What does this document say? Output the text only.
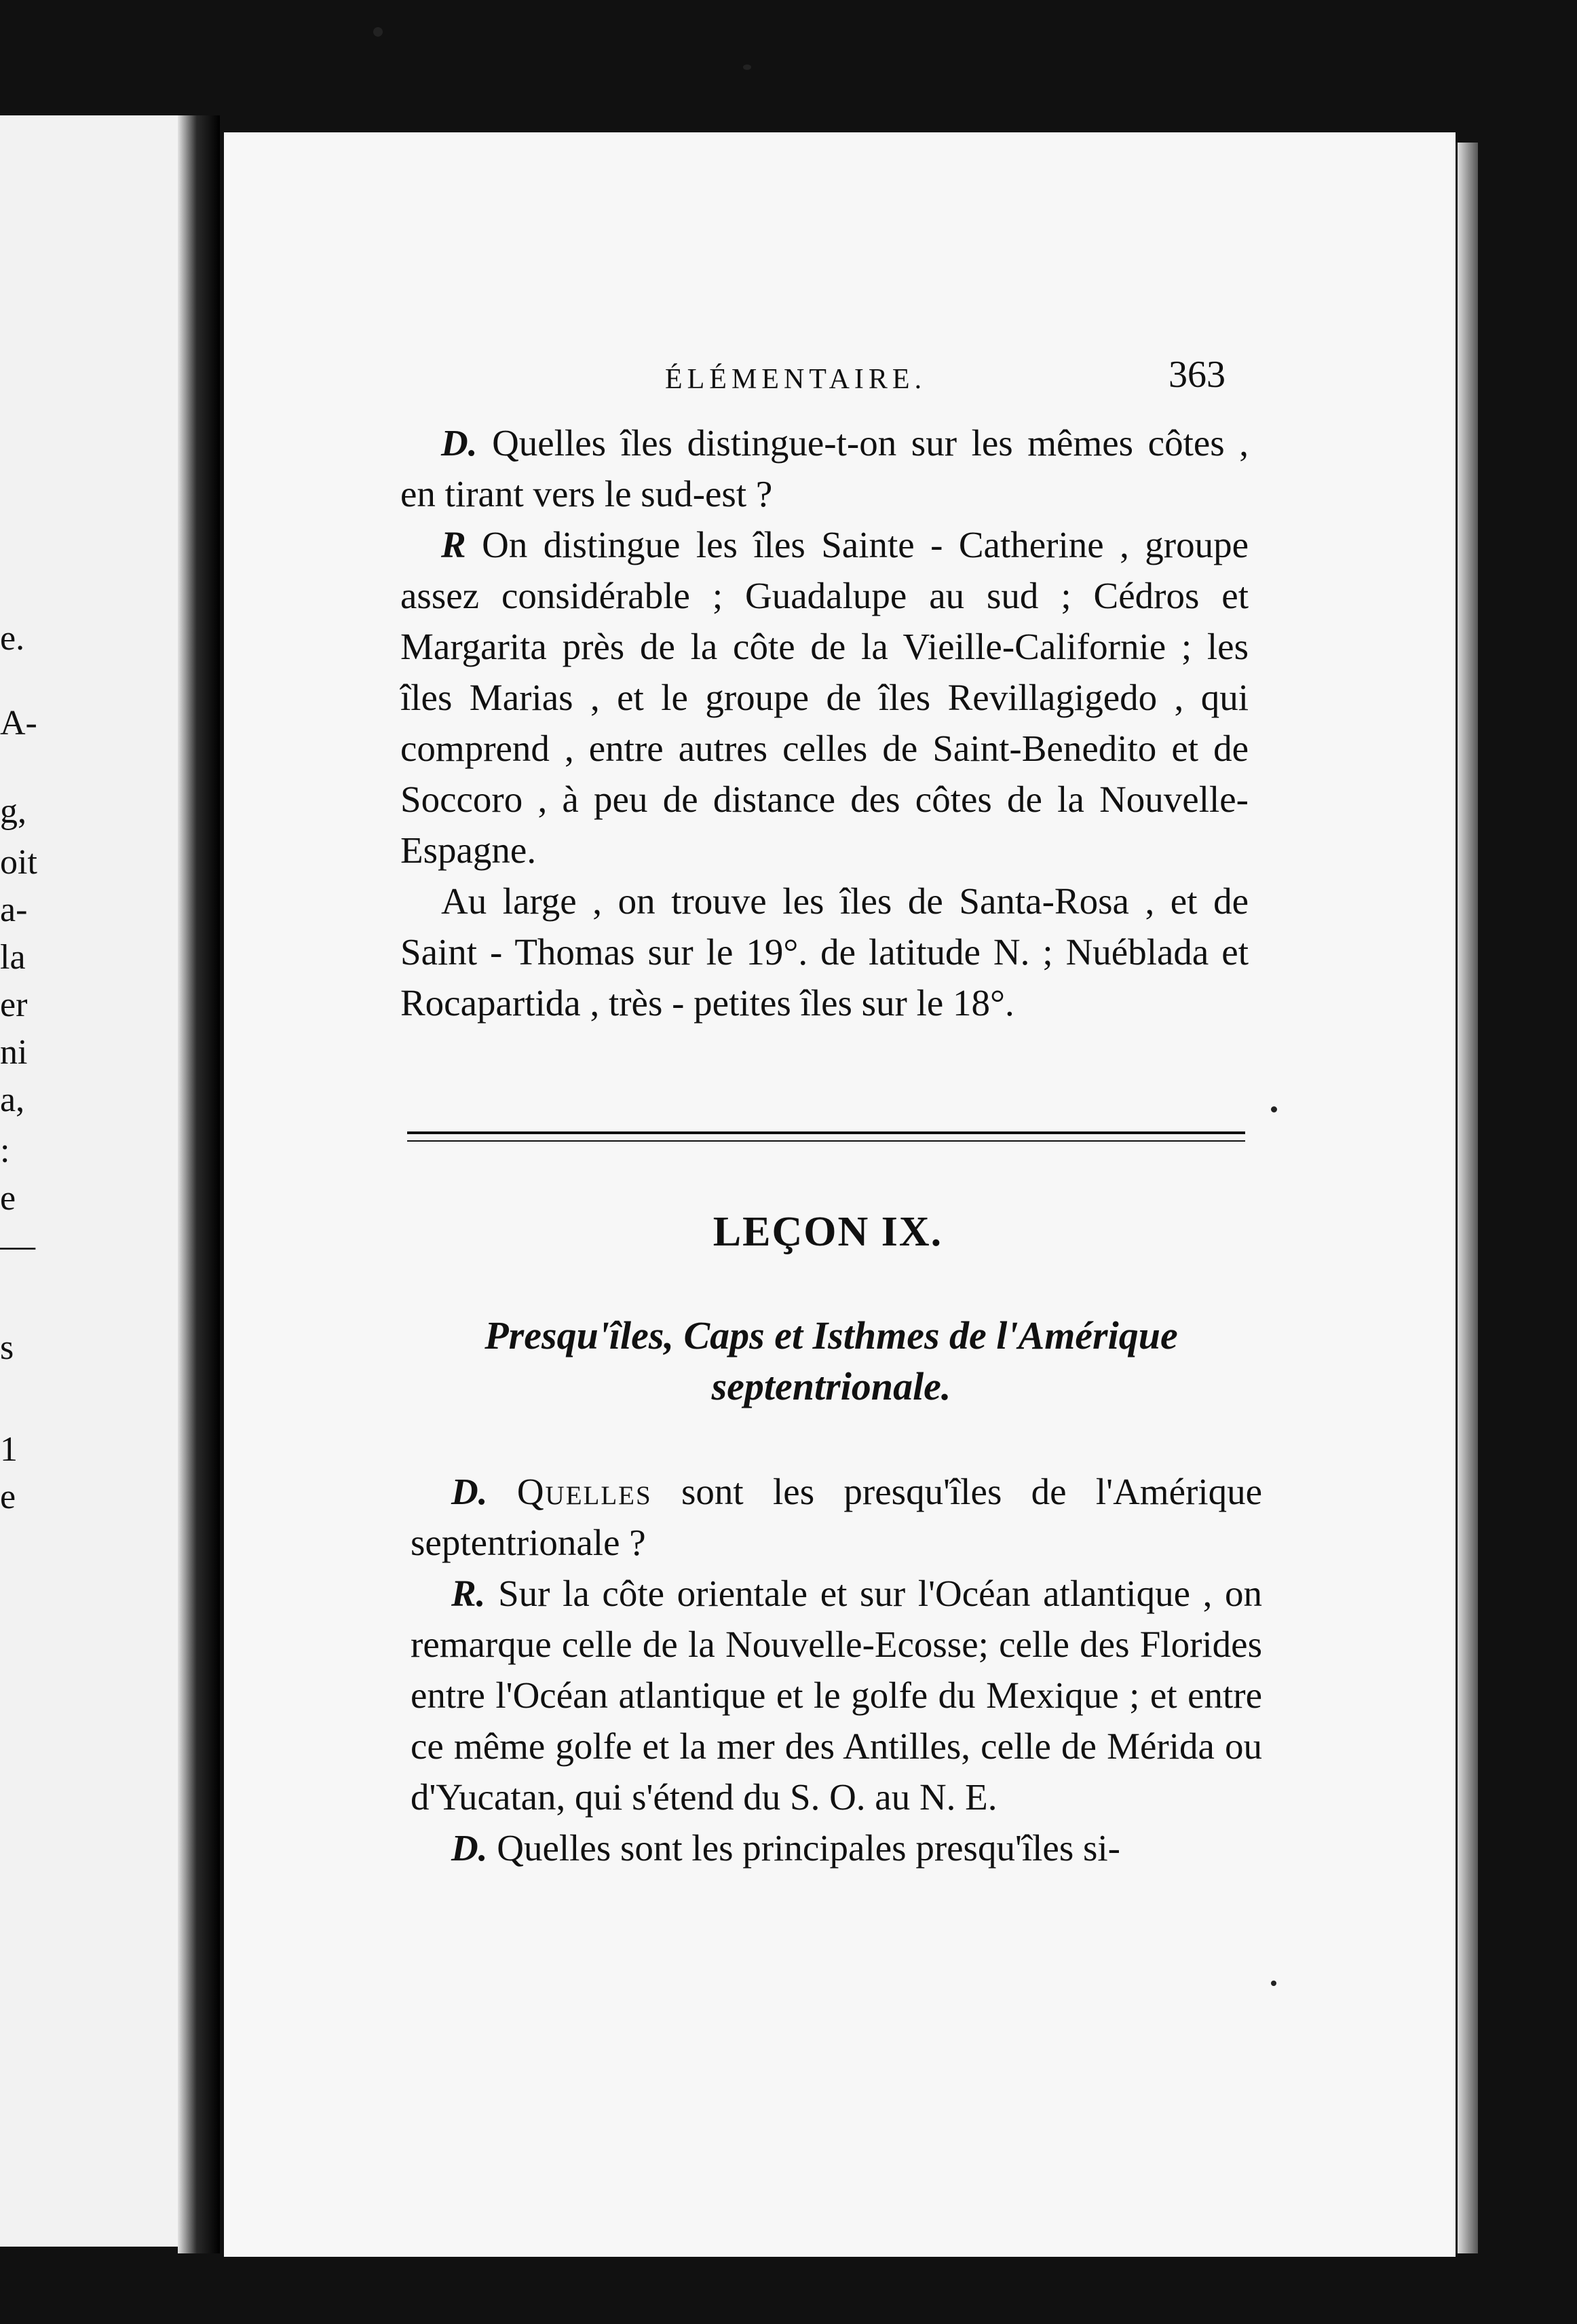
e.
A-
g,
oit
a-
la
er
ni
a,
:
e
—
s
1
e
ÉLÉMENTAIRE.	363

D. Quelles îles distingue-t-on sur les mêmes côtes , en tirant vers le sud-est ?

R On distingue les îles Sainte - Catherine , groupe assez considérable ; Guadalupe au sud ; Cédros et Margarita près de la côte de la Vieille-Californie ; les îles Marias , et le groupe de îles Revillagigedo , qui comprend , entre autres celles de Saint-Benedito et de Soccoro , à peu de distance des côtes de la Nouvelle-Espagne.

Au large , on trouve les îles de Santa-Rosa , et de Saint - Thomas sur le 19°. de latitude N. ; Nuéblada et Rocapartida , très - petites îles sur le 18°.

LEÇON IX.
Presqu'îles, Caps et Isthmes de l'Amérique septentrionale.

D. Quelles sont les presqu'îles de l'Amérique septentrionale ?

R. Sur la côte orientale et sur l'Océan atlantique , on remarque celle de la Nouvelle-Ecosse; celle des Florides entre l'Océan atlantique et le golfe du Mexique ; et entre ce même golfe et la mer des Antilles, celle de Mérida ou d'Yucatan, qui s'étend du S. O. au N. E.

D. Quelles sont les principales presqu'îles si-
